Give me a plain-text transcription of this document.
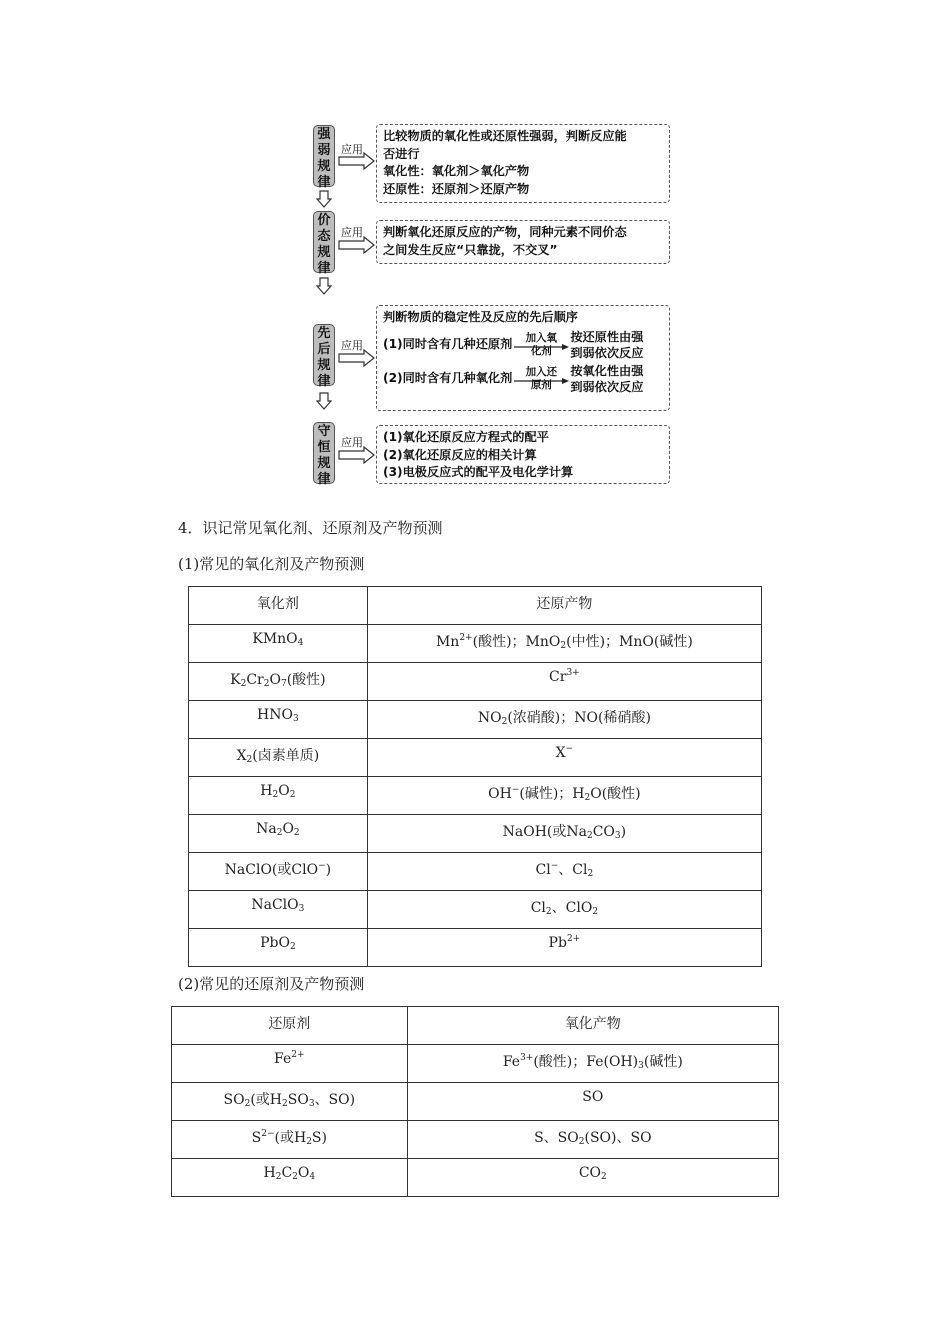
强
弱
规
律
应用
比较物质的氧化性或还原性强弱，判断反应能
否进行
氧化性：氧化剂＞氧化产物
还原性：还原剂＞还原产物
价
态
规
律
应用 判断氧化还原反应的产物，同种元素不同价态
之间发生反应“只靠拢，不交叉”
先
后
规
律
应用
判断物质的稳定性及反应的先后顺序
(1)同时含有几种还原剂	加入氧
化剂
按还原性由强
到弱依次反应
(2)同时含有几种氧化剂	加入还
原剂
按氧化性由强
到弱依次反应
守
恒
规
律
应用 (1)氧化还原反应方程式的配平
(2)氧化还原反应的相关计算
(3)电极反应式的配平及电化学计算
4．识记常见氧化剂、还原剂及产物预测
(1)常见的氧化剂及产物预测
氧化剂	还原产物
KMnO$_4$	$Mn^{2+}$(酸性)；MnO$_2$(中性)；MnO(碱性)
$K_2Cr_2O_7$(酸性)	$Cr^{3+}$
$HNO_3$	$NO_2$(浓硝酸)；NO(稀硝酸)
$X_2$(卤素单质)	X−
$H_2O_2$	OH−(碱性)；$H_2O$(酸性)
$Na_2O_2$	NaOH(或$Na_2CO_3$)
NaClO(或ClO−)	Cl−、$Cl_2$
NaClO$_3$	$Cl_2$、ClO$_2$
PbO$_2$	$Pb^{2+}$
(2)常见的还原剂及产物预测
还原剂	氧化产物
$Fe^{2+}$	$Fe^{3+}$(酸性)；$Fe(OH)_3$(碱性)
$SO_2$(或$H_2SO_3$、SO)	SO
$S^{2-}$(或$H_2S$)	S、$SO_2(SO)$、SO
$H_2C_2O_4$	$CO_2$
